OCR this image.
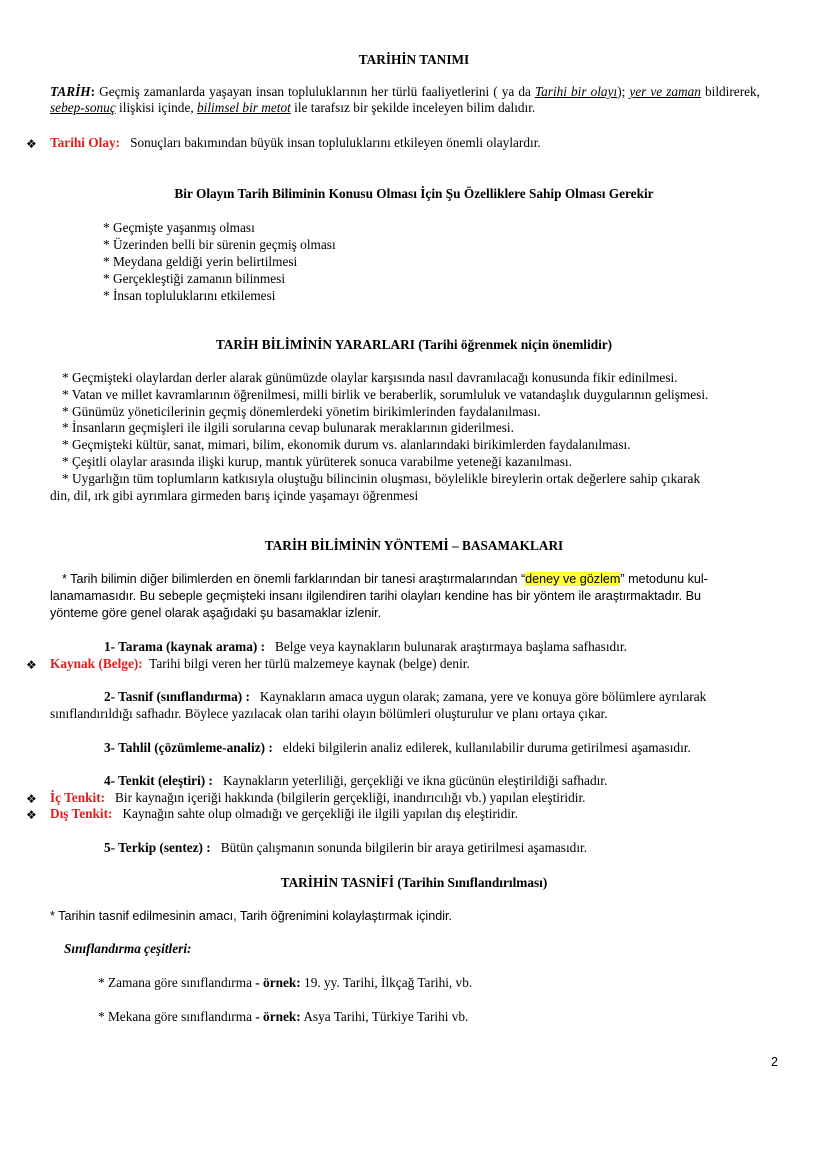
TARİHİN TANIMI
TARİH: Geçmiş zamanlarda yaşayan insan topluluklarının her türlü faaliyetlerini ( ya da Tarihi bir olayı); yer ve zaman bildirerek, sebep-sonuç ilişkisi içinde, bilimsel bir metot ile tarafsız bir şekilde inceleyen bilim dalıdır.
❖ Tarihi Olay: Sonuçları bakımından büyük insan topluluklarını etkileyen önemli olaylardır.
Bir Olayın Tarih Biliminin Konusu Olması İçin Şu Özelliklere Sahip Olması Gerekir
* Geçmişte yaşanmış olması
* Üzerinden belli bir sürenin geçmiş olması
* Meydana geldiği yerin belirtilmesi
* Gerçekleştiği zamanın bilinmesi
* İnsan topluluklarını etkilemesi
TARİH BİLİMİNİN YARARLARI (Tarihi öğrenmek niçin önemlidir)
* Geçmişteki olaylardan derler alarak günümüzde olaylar karşısında nasıl davranılacağı konusunda fikir edinilmesi.
* Vatan ve millet kavramlarının öğrenilmesi, milli birlik ve beraberlik, sorumluluk ve vatandaşlık duygularının gelişmesi.
* Günümüz yöneticilerinin geçmiş dönemlerdeki yönetim birikimlerinden faydalanılması.
* İnsanların geçmişleri ile ilgili sorularına cevap bulunarak meraklarının giderilmesi.
* Geçmişteki kültür, sanat, mimari, bilim, ekonomik durum vs. alanlarındaki birikimlerden faydalanılması.
* Çeşitli olaylar arasında ilişki kurup, mantık yürüterek sonuca varabilme yeteneği kazanılması.
* Uygarlığın tüm toplumların katkısıyla oluştuğu bilincinin oluşması, böylelikle bireylerin ortak değerlere sahip çıkarak
din, dil, ırk gibi ayrımlara girmeden barış içinde yaşamayı öğrenmesi
TARİH BİLİMİNİN YÖNTEMİ – BASAMAKLARI
* Tarih bilimin diğer bilimlerden en önemli farklarından bir tanesi araştırmalarından “deney ve gözlem” metodunu kul-
lanamamasıdır. Bu sebeple geçmişteki insanı ilgilendiren tarihi olayları kendine has bir yöntem ile araştırmaktadır. Bu
yönteme göre genel olarak aşağıdaki şu basamaklar izlenir.
1- Tarama (kaynak arama) : Belge veya kaynakların bulunarak araştırmaya başlama safhasıdır.
❖ Kaynak (Belge): Tarihi bilgi veren her türlü malzemeye kaynak (belge) denir.
2- Tasnif (sınıflandırma) : Kaynakların amaca uygun olarak; zamana, yere ve konuya göre bölümlere ayrılarak
sınıflandırıldığı safhadır. Böylece yazılacak olan tarihi olayın bölümleri oluşturulur ve planı ortaya çıkar.
3- Tahlil (çözümleme-analiz) : eldeki bilgilerin analiz edilerek, kullanılabilir duruma getirilmesi aşamasıdır.
4- Tenkit (eleştiri) : Kaynakların yeterliliği, gerçekliği ve ikna gücünün eleştirildiği safhadır.
❖ İç Tenkit: Bir kaynağın içeriği hakkında (bilgilerin gerçekliği, inandırıcılığı vb.) yapılan eleştiridir.
❖ Dış Tenkit: Kaynağın sahte olup olmadığı ve gerçekliği ile ilgili yapılan dış eleştiridir.
5- Terkip (sentez) : Bütün çalışmanın sonunda bilgilerin bir araya getirilmesi aşamasıdır.
TARİHİN TASNİFİ (Tarihin Sınıflandırılması)
* Tarihin tasnif edilmesinin amacı, Tarih öğrenimini kolaylaştırmak içindir.
Sınıflandırma çeşitleri:
* Zamana göre sınıflandırma - örnek: 19. yy. Tarihi, İlkçağ Tarihi, vb.
* Mekana göre sınıflandırma - örnek: Asya Tarihi, Türkiye Tarihi vb.
2
